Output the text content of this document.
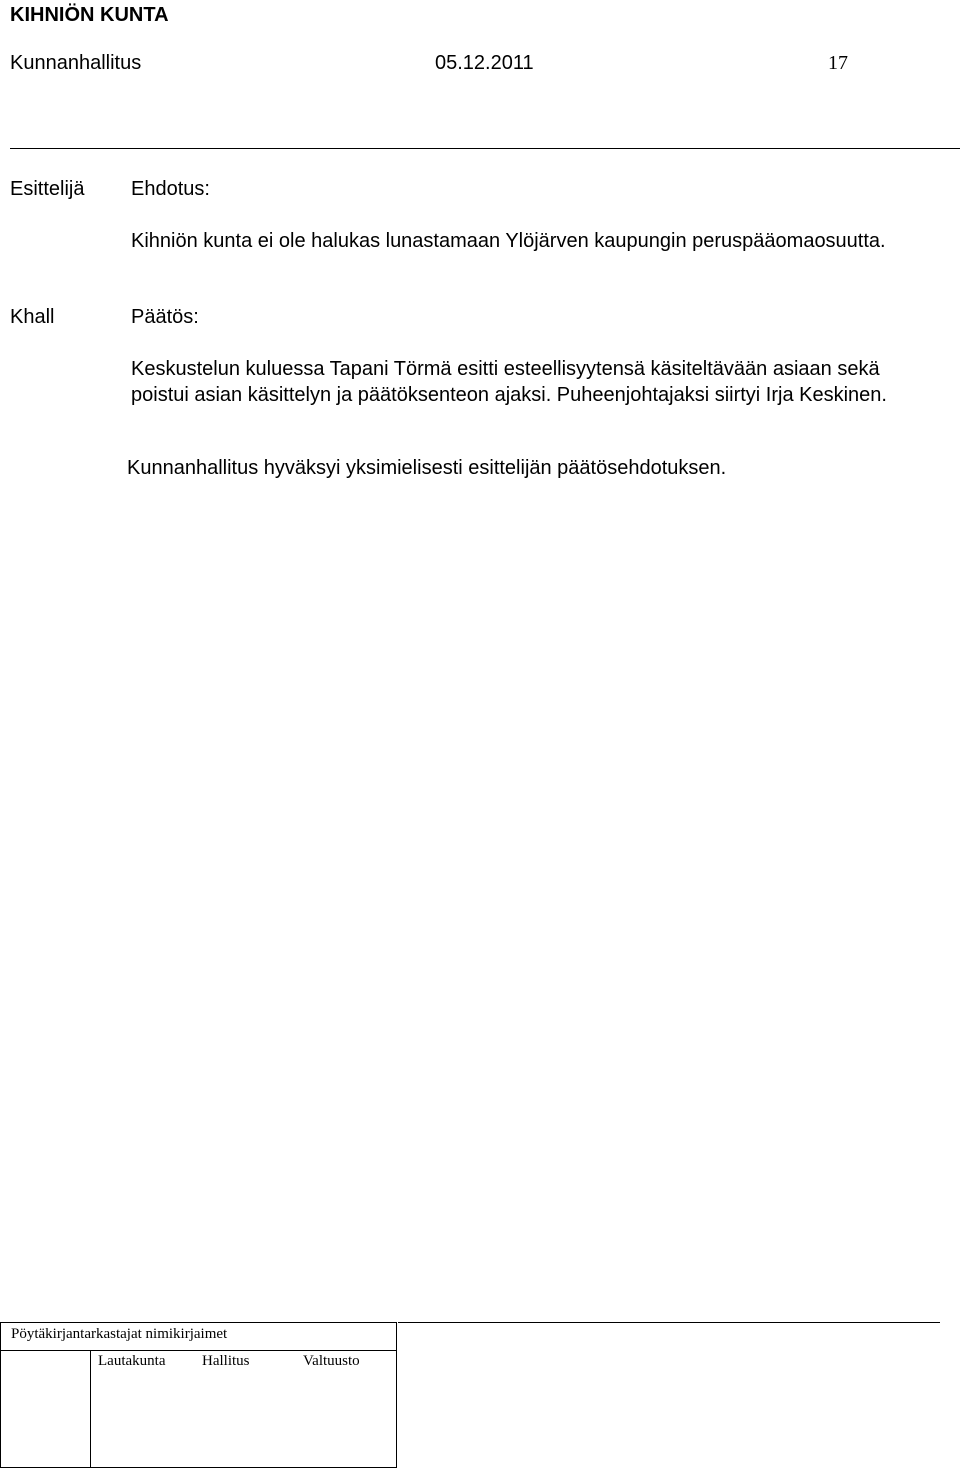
KIHNIÖN KUNTA
Kunnanhallitus	05.12.2011	17
Esittelijä Ehdotus:
Kihniön kunta ei ole halukas lunastamaan Ylöjärven kaupungin peruspääomaosuutta.
Khall	Päätös:
Keskustelun kuluessa Tapani Törmä esitti esteellisyytensä käsiteltävään asiaan sekä poistui asian käsittelyn ja päätöksenteon ajaksi. Puheenjohtajaksi siirtyi Irja Keskinen.
Kunnanhallitus hyväksyi yksimielisesti esittelijän päätösehdotuksen.
Pöytäkirjantarkastajat nimikirjaimet
Lautakunta Hallitus	Valtuusto
